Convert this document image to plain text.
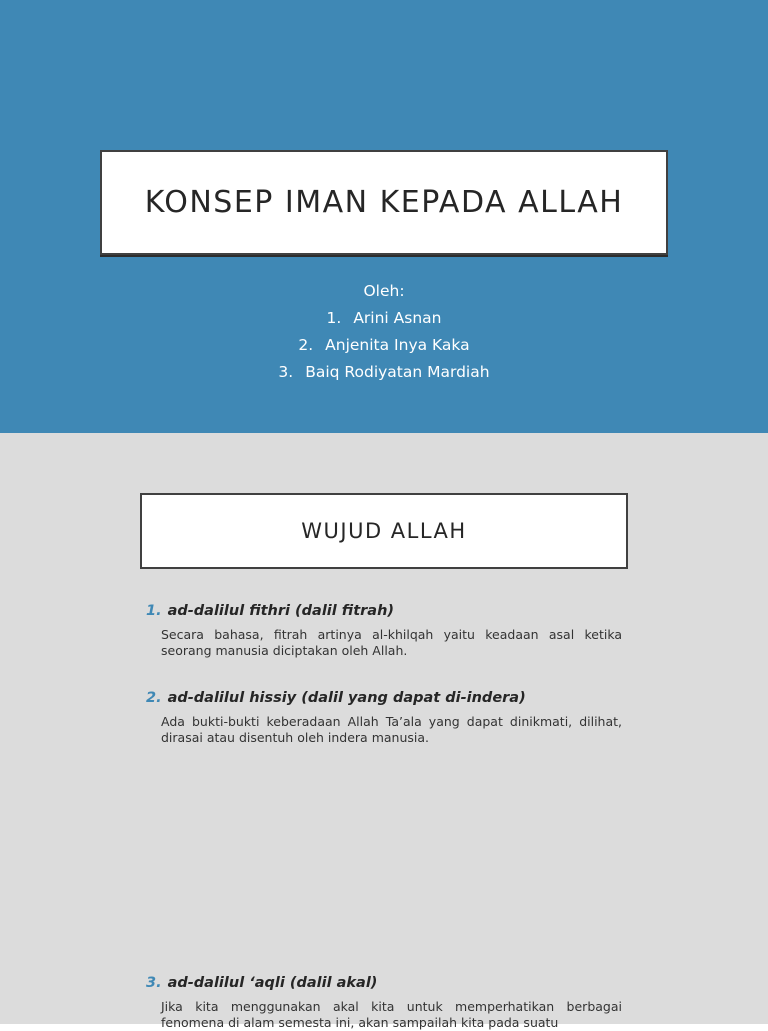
KONSEP IMAN KEPADA ALLAH
Oleh:
1. Arini Asnan
2. Anjenita Inya Kaka
3. Baiq Rodiyatan Mardiah
WUJUD ALLAH
1. ad-dalilul fithri (dalil fitrah)
Secara bahasa, fitrah artinya al-khilqah yaitu keadaan asal ketika seorang manusia diciptakan oleh Allah.
2. ad-dalilul hissiy (dalil yang dapat di-indera)
Ada bukti-bukti keberadaan Allah Ta’ala yang dapat dinikmati, dilihat, dirasai atau disentuh oleh indera manusia.
3. ad-dalilul ‘aqli (dalil akal)
Jika kita menggunakan akal kita untuk memperhatikan berbagai fenomena di alam semesta ini, akan sampailah kita pada suatu
